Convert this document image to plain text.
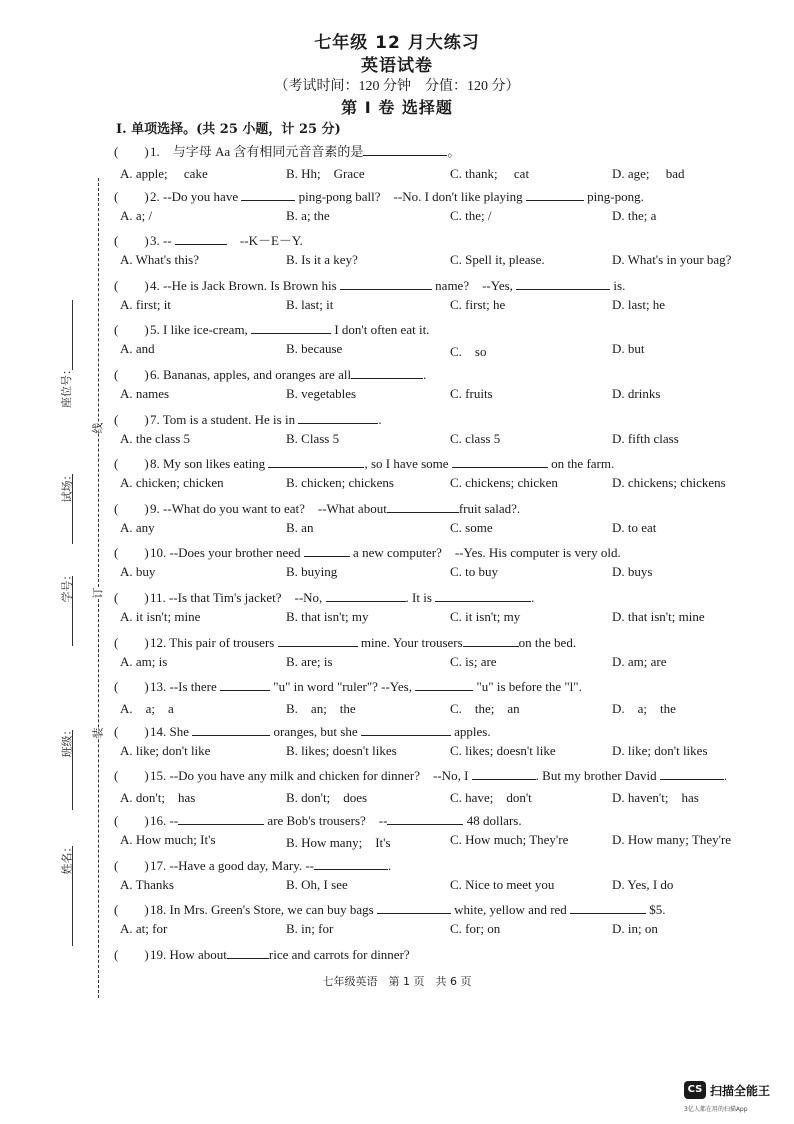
七年级 12 月大练习
英语试卷
（考试时间：120 分钟　分值：120 分）
第 I 卷 选择题
I. 单项选择。(共 25 小题，计 25 分)
座位号：
试场：
学号：
班级：
姓名：
线
订
装
(　　)1.　与字母 Aa 含有相同元音音素的是	。
A. apple;　 cake	B. Hh;　Grace	C. thank;　 cat	D. age;　 bad
(　　)2. --Do you have	ping-pong ball?　--No. I don't like playing	ping-pong.
A. a; /	B. a; the	C. the; /	D. the; a
(　　)3. --	　--K－E－Y.
A. What's this?	B. Is it a key?	C. Spell it, please.	D. What's in your bag?
(　　)4. --He is Jack Brown. Is Brown his	name?　--Yes,	is.
A. first; it	B. last; it	C. first; he	D. last; he
(　　)5. I like ice-cream,	I don't often eat it.
A. and	B. because	C.　so	D. but
(　　)6. Bananas, apples, and oranges are all	.
A. names	B. vegetables	C. fruits	D. drinks
(　　)7. Tom is a student. He is in	.
A. the class 5	B. Class 5	C. class 5	D. fifth class
(　　)8. My son likes eating	, so I have some	on the farm.
A. chicken; chicken	B. chicken; chickens	C. chickens; chicken	D. chickens; chickens
(　　)9. --What do you want to eat?　--What about	fruit salad?.
A. any	B. an	C. some	D. to eat
(　　)10. --Does your brother need	a new computer?　--Yes. His computer is very old.
A. buy	B. buying	C. to buy	D. buys
(　　)11. --Is that Tim's jacket?　--No,	. It is	.
A. it isn't; mine	B. that isn't; my	C. it isn't; my	D. that isn't; mine
(　　)12. This pair of trousers	mine. Your trousers	on the bed.
A. am; is	B. are; is	C. is; are	D. am; are
(　　)13. --Is there	"u" in word "ruler"? --Yes,	"u" is before the "l".
A.　a;　a	B.　an;　the	C.　the;　an	D.　a;　the
(　　)14. She	oranges, but she	apples.
A. like; don't like	B. likes; doesn't likes	C. likes; doesn't like	D. like; don't likes
(　　)15. --Do you have any milk and chicken for dinner?　--No, I	. But my brother David	.
A. don't;　has	B. don't;　does	C. have;　don't	D. haven't;　has
(　　)16. --	are Bob's trousers?　--	48 dollars.
A. How much; It's	B. How many;　It's	C. How much; They're	D. How many; They're
(　　)17. --Have a good day, Mary. --	.
A. Thanks	B. Oh, I see	C. Nice to meet you	D. Yes, I do
(　　)18. In Mrs. Green's Store, we can buy bags	white, yellow and red	$5.
A. at; for	B. in; for	C. for; on	D. in; on
(　　)19. How about	rice and carrots for dinner?
七年级英语　第 1 页　共 6 页
CS 扫描全能王
3亿人都在用的扫描App
